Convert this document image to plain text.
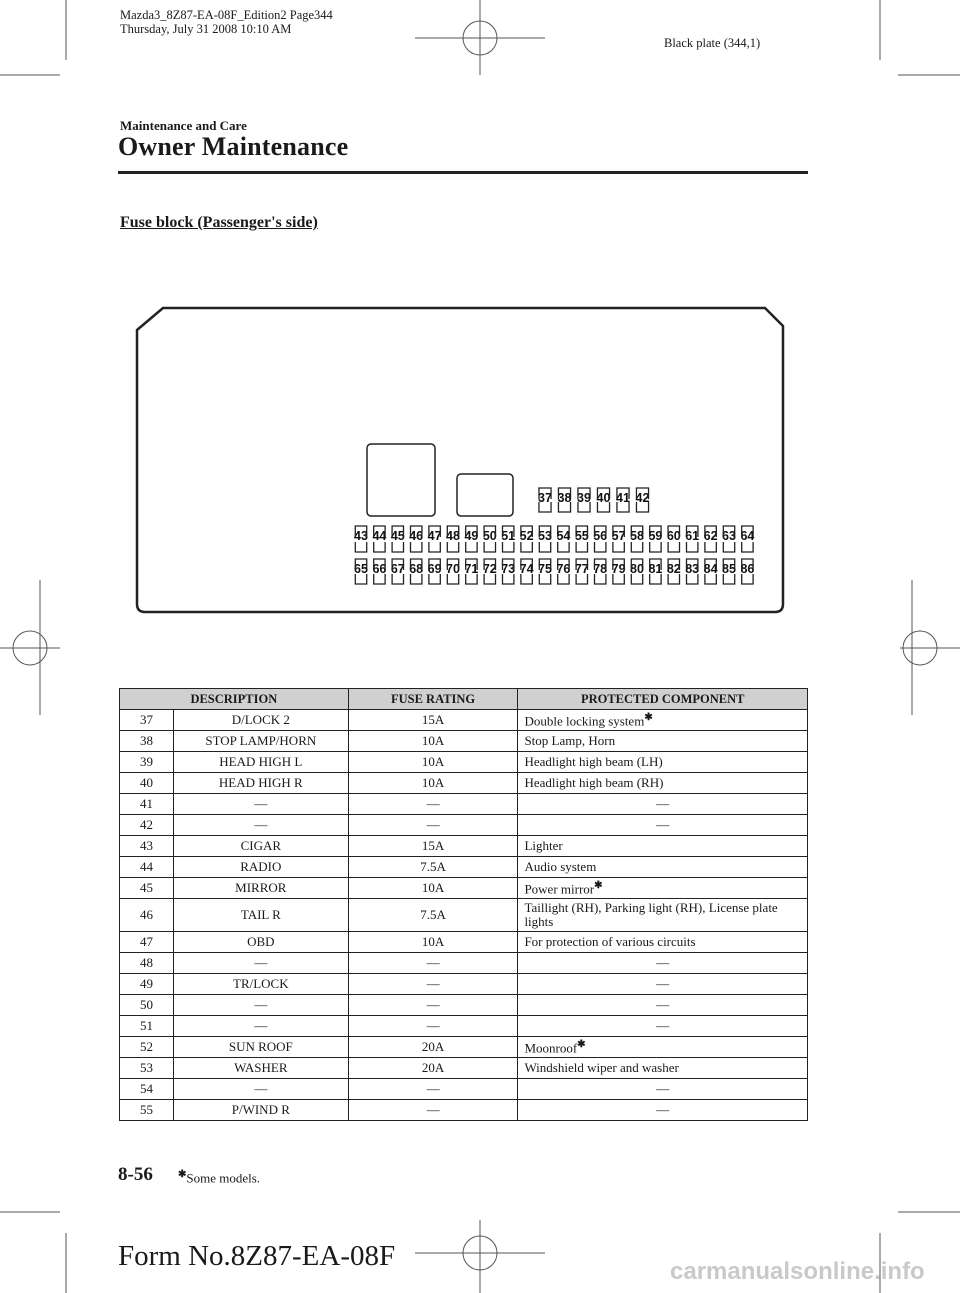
Mazda3_8Z87-EA-08F_Edition2 Page344
Thursday, July 31 2008 10:10 AM
Black plate (344,1)
Maintenance and Care
Owner Maintenance
Fuse block (Passenger's side)
37 38 39 40 41 42
43 44 45 46 47 48 49 50 51 52 53 54 55 56 57 58 59 60 61 62 63 64
65 66 67 68 69 70 71 72 73 74 75 76 77 78 79 80 81 82 83 84 85 86
DESCRIPTION		FUSE RATING	PROTECTED COMPONENT
37	D/LOCK 2	15A	Double locking system✱
38	STOP LAMP/HORN	10A	Stop Lamp, Horn
39	HEAD HIGH L	10A	Headlight high beam (LH)
40	HEAD HIGH R	10A	Headlight high beam (RH)
41	―	―	―
42	―	―	―
43	CIGAR	15A	Lighter
44	RADIO	7.5A	Audio system
45	MIRROR	10A	Power mirror✱
46	TAIL R	7.5A	Taillight (RH), Parking light (RH), License plate lights
47	OBD	10A	For protection of various circuits
48	―	―	―
49	TR/LOCK	―	―
50	―	―	―
51	―	―	―
52	SUN ROOF	20A	Moonroof✱
53	WASHER	20A	Windshield wiper and washer
54	―	―	―
55	P/WIND R	―	―
8-56	✱Some models.
Form No.8Z87-EA-08F	carmanualsonline.info
